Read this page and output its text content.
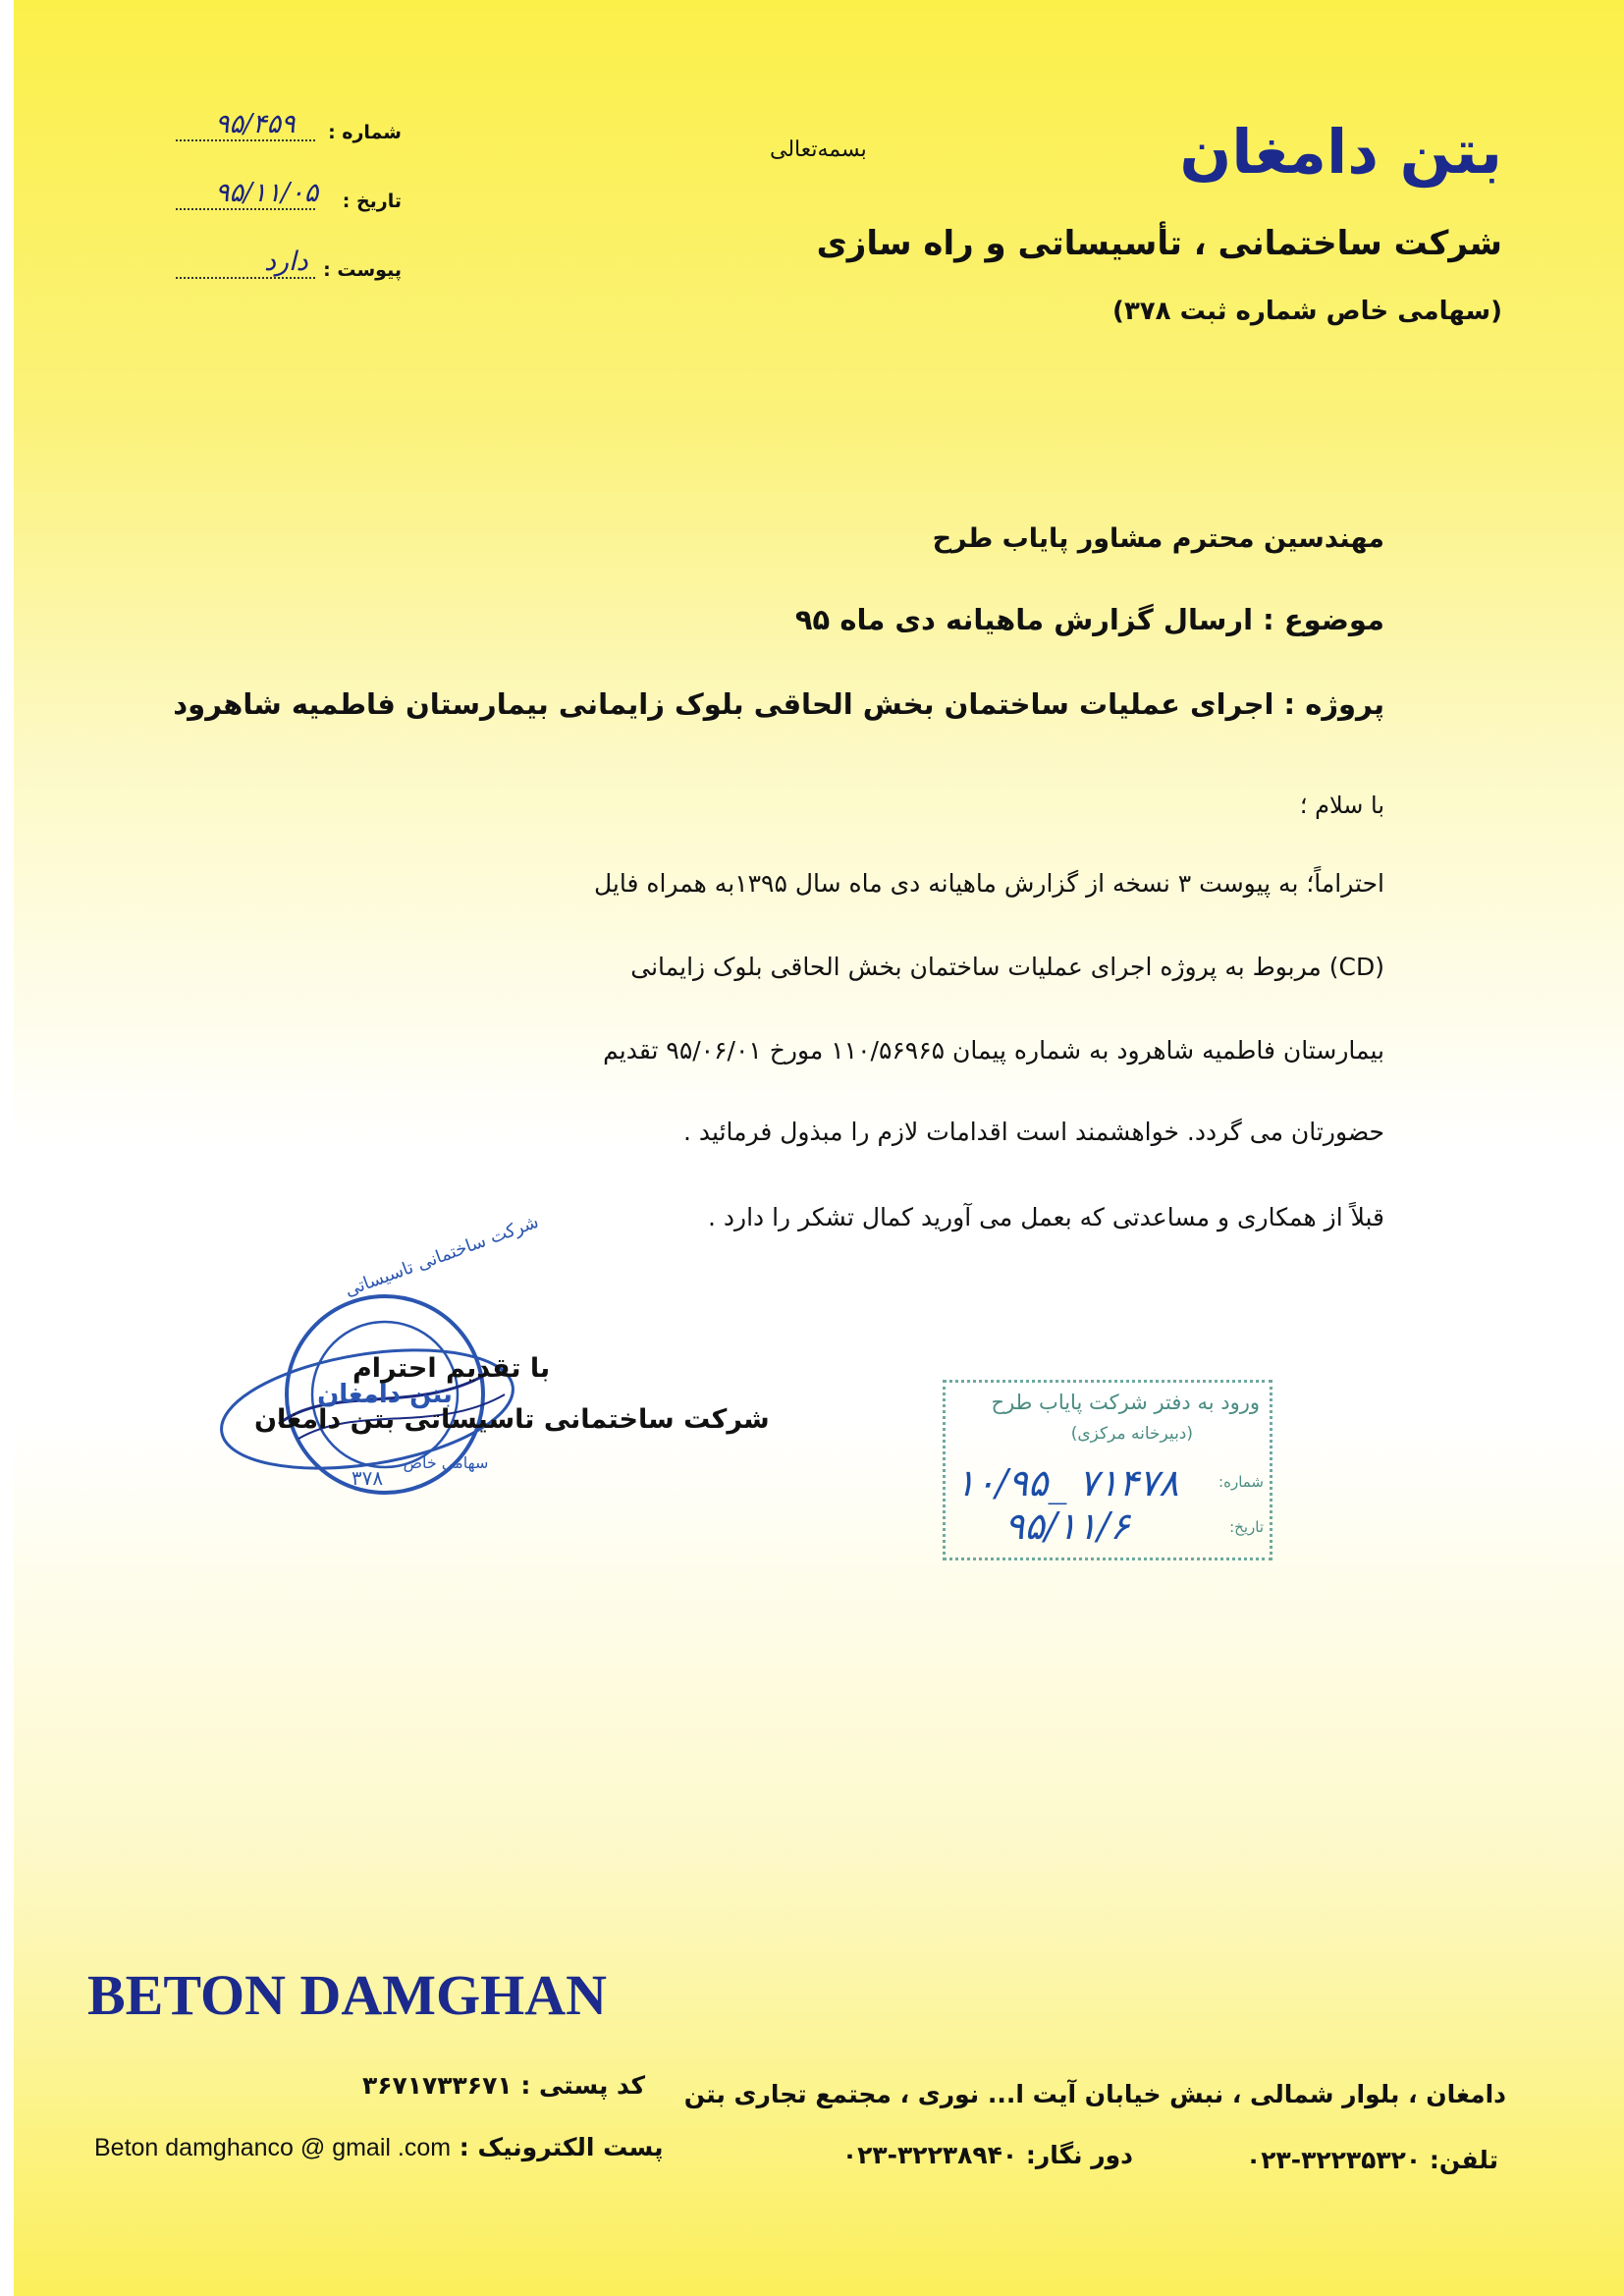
بتن دامغان
بسمه‌تعالی
شرکت ساختمانی ، تأسیساتی و راه سازی
(سهامی خاص شماره ثبت ۳۷۸)
شماره :
۹۵/۴۵۹
تاریخ :
۹۵/۱۱/۰۵
پیوست :
دارد
مهندسین محترم مشاور پایاب طرح
موضوع : ارسال گزارش ماهیانه دی ماه ۹۵
پروژه : اجرای عملیات ساختمان بخش الحاقی بلوک زایمانی بیمارستان فاطمیه شاهرود
با سلام ؛
احتراماً؛ به پیوست ۳ نسخه از گزارش ماهیانه دی ماه سال ۱۳۹۵به همراه فایل
(CD) مربوط به پروژه اجرای عملیات ساختمان بخش الحاقی بلوک زایمانی
بیمارستان فاطمیه شاهرود به شماره پیمان ۱۱۰/۵۶۹۶۵ مورخ ۹۵/۰۶/۰۱ تقدیم
حضورتان می گردد. خواهشمند است اقدامات لازم را مبذول فرمائید .
قبلاً از همکاری و مساعدتی که بعمل می آورید کمال تشکر را دارد .
شرکت ساختمانی تاسیساتی
بتن دامغان
سهامی خاص
۳۷۸
با تقدیم احترام
شرکت ساختمانی تاسیساتی بتن دامغان
ورود به دفتر شرکت پایاب طرح
(دبیرخانه مرکزی)
شماره:
تاریخ:
۱۰/۹۵_ ۷۱۴۷۸
۹۵/۱۱/۶
BETON DAMGHAN
دامغان ، بلوار شمالی ، نبش خیابان آیت ا... نوری ، مجتمع تجاری بتن
تلفن: ۳۲۲۳۵۳۲۰-۰۲۳
دور نگار: ۳۲۲۳۸۹۴۰-۰۲۳
کد پستی : ۳۶۷۱۷۳۳۶۷۱
پست الکترونیک : Beton damghanco @ gmail .com
